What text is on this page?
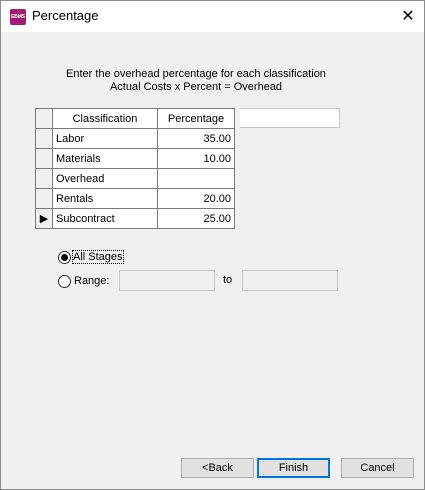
EBMS Percentage	✕
Enter the overhead percentage for each classification
Actual Costs x Percent = Overhead
	Classification	Percentage
	Labor	35.00
	Materials	10.00
	Overhead	
	Rentals	20.00
▶	Subcontract	25.00
All Stages
Range:	to
<Back	Finish	Cancel
